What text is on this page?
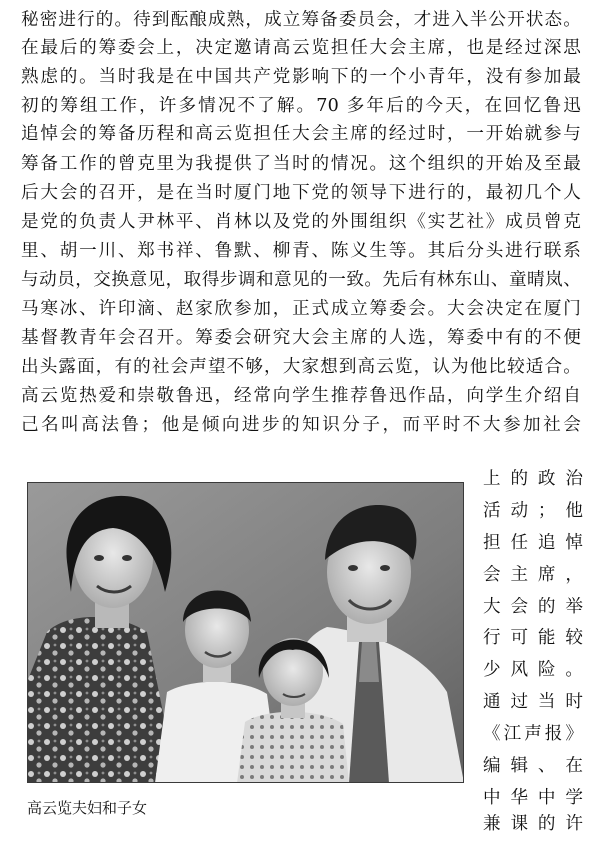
秘密进行的。待到酝酿成熟，成立筹备委员会，才进入半公开状态。
在最后的筹委会上，决定邀请高云览担任大会主席，也是经过深思
熟虑的。当时我是在中国共产党影响下的一个小青年，没有参加最
初的筹组工作，许多情况不了解。70 多年后的今天，在回忆鲁迅
追悼会的筹备历程和高云览担任大会主席的经过时，一开始就参与
筹备工作的曾克里为我提供了当时的情况。这个组织的开始及至最
后大会的召开，是在当时厦门地下党的领导下进行的，最初几个人
是党的负责人尹林平、肖林以及党的外围组织《实艺社》成员曾克
里、胡一川、郑书祥、鲁默、柳青、陈义生等。其后分头进行联系
与动员，交换意见，取得步调和意见的一致。先后有林东山、童晴岚、
马寒冰、许印滴、赵家欣参加，正式成立筹委会。大会决定在厦门
基督教青年会召开。筹委会研究大会主席的人选，筹委中有的不便
出头露面，有的社会声望不够，大家想到高云览，认为他比较适合。
高云览热爱和崇敬鲁迅，经常向学生推荐鲁迅作品，向学生介绍自
己名叫高法鲁；他是倾向进步的知识分子，而平时不大参加社会
上的政治
活动；他
担任追悼
会主席，
大会的举
行可能较
少风险。
通过当时
《江声报》
编辑、在
中华中学
兼课的许
高云览夫妇和子女
